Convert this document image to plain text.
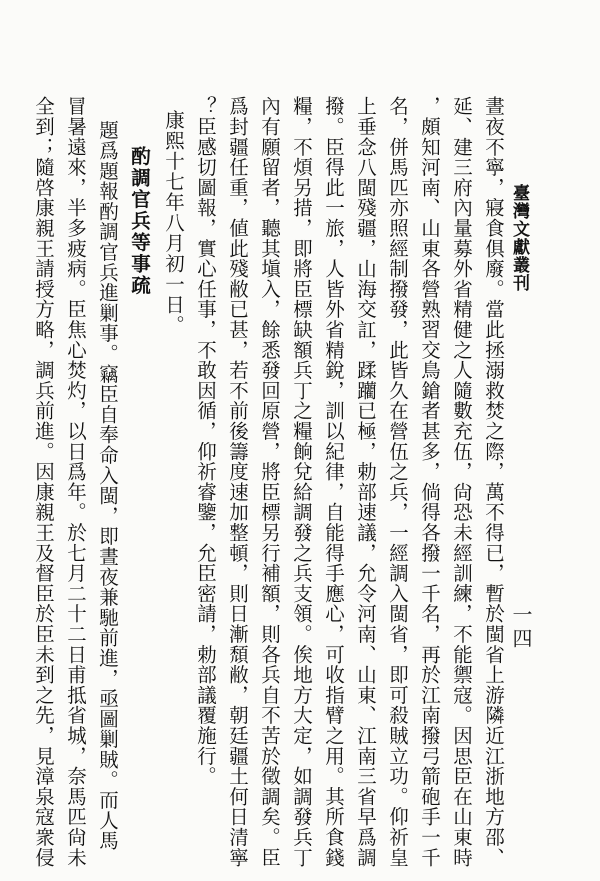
一四
臺灣文獻叢刊
晝夜不寧，寢食俱廢。當此拯溺救焚之際，萬不得已，暫於閩省上游隣近江浙地方邵、
延、建三府內量募外省精健之人隨數充伍，尙恐未經訓練，不能禦寇。因思臣在山東時
，頗知河南、山東各營熟習交鳥鎗者甚多，倘得各撥一千名，再於江南撥弓箭砲手一千
名，併馬匹亦照經制撥發，此皆久在營伍之兵，一經調入閩省，即可殺賊立功。仰祈皇
上垂念八閩殘疆，山海交訌，蹂躪已極，勅部速議，允令河南、山東、江南三省早爲調
撥。臣得此一旅，人皆外省精銳，訓以紀律，自能得手應心，可收指臂之用。其所食錢
糧，不煩另措，即將臣標缺額兵丁之糧餉兌給調發之兵支領。俟地方大定，如調發兵丁
內有願留者，聽其塡入，餘悉發回原營，將臣標另行補額，則各兵自不苦於徵調矣。臣
爲封疆任重，値此殘敝已甚，若不前後籌度速加整頓，則日漸頹敝，朝廷疆土何日清寧
？臣感切圖報，實心任事，不敢因循，仰祈睿鑒，允臣密請，勅部議覆施行。
康熙十七年八月初一日。
酌調官兵等事疏
題爲題報酌調官兵進剿事。竊臣自奉命入閩，即晝夜兼馳前進，亟圖剿賊。而人馬
冒暑遠來，半多疲病。臣焦心焚灼，以日爲年。於七月二十二日甫抵省城，奈馬匹尙未
全到；隨啓康親王請授方略，調兵前進。因康親王及督臣於臣未到之先，見漳泉寇衆侵
